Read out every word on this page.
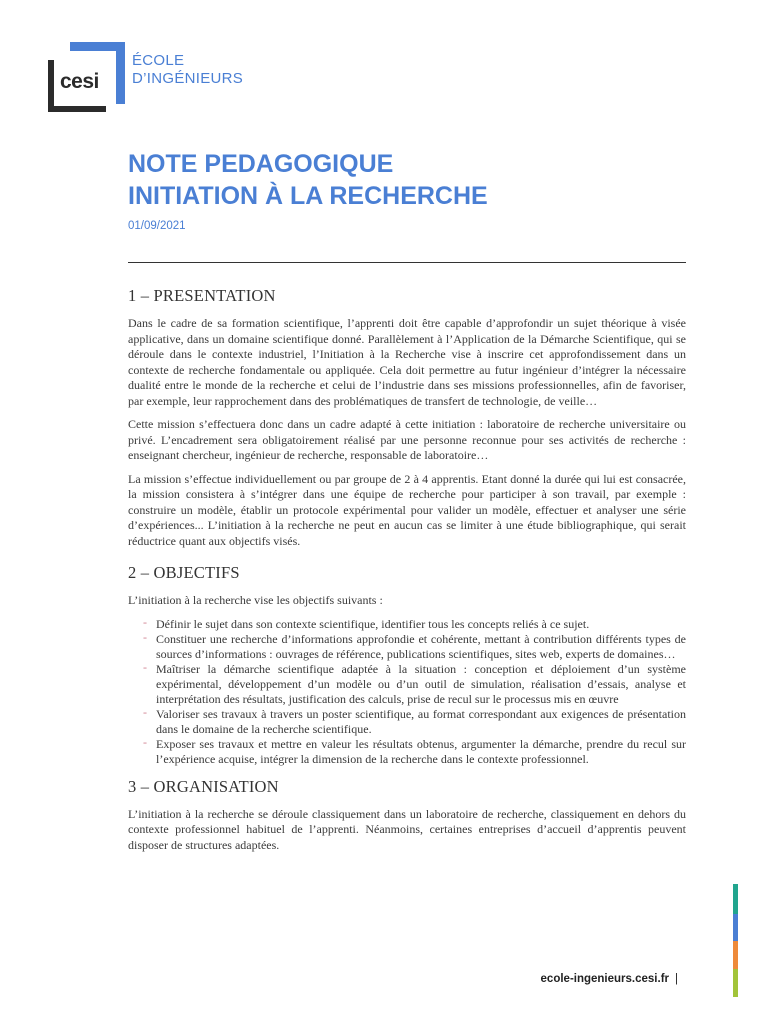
cesi
ÉCOLE
D’INGÉNIEURS
NOTE PEDAGOGIQUE
INITIATION À LA RECHERCHE
01/09/2021
1 – PRESENTATION

Dans le cadre de sa formation scientifique, l’apprenti doit être capable d’approfondir un sujet théorique à visée applicative, dans un domaine scientifique donné. Parallèlement à l’Application de la Démarche Scientifique, qui se déroule dans le contexte industriel, l’Initiation à la Recherche vise à inscrire cet approfondissement dans un contexte de recherche fondamentale ou appliquée. Cela doit permettre au futur ingénieur d’intégrer la nécessaire dualité entre le monde de la recherche et celui de l’industrie dans ses missions professionnelles, afin de favoriser, par exemple, leur rapprochement dans des problématiques de transfert de technologie, de veille…

Cette mission s’effectuera donc dans un cadre adapté à cette initiation : laboratoire de recherche universitaire ou privé. L’encadrement sera obligatoirement réalisé par une personne reconnue pour ses activités de recherche : enseignant chercheur, ingénieur de recherche, responsable de laboratoire…

La mission s’effectue individuellement ou par groupe de 2 à 4 apprentis. Etant donné la durée qui lui est consacrée, la mission consistera à s’intégrer dans une équipe de recherche pour participer à son travail, par exemple : construire un modèle, établir un protocole expérimental pour valider un modèle, effectuer et analyser une série d’expériences... L’initiation à la recherche ne peut en aucun cas se limiter à une étude bibliographique, qui serait réductrice quant aux objectifs visés.

2 – OBJECTIFS

L’initiation à la recherche vise les objectifs suivants :

- Définir le sujet dans son contexte scientifique, identifier tous les concepts reliés à ce sujet.
- Constituer une recherche d’informations approfondie et cohérente, mettant à contribution différents types de sources d’informations : ouvrages de référence, publications scientifiques, sites web, experts de domaines…
- Maîtriser la démarche scientifique adaptée à la situation : conception et déploiement d’un système expérimental, développement d’un modèle ou d’un outil de simulation, réalisation d’essais, analyse et interprétation des résultats, justification des calculs, prise de recul sur le processus mis en œuvre
- Valoriser ses travaux à travers un poster scientifique, au format correspondant aux exigences de présentation dans le domaine de la recherche scientifique.
- Exposer ses travaux et mettre en valeur les résultats obtenus, argumenter la démarche, prendre du recul sur l’expérience acquise, intégrer la dimension de la recherche dans le contexte professionnel.
3 – ORGANISATION

L’initiation à la recherche se déroule classiquement dans un laboratoire de recherche, classiquement en dehors du contexte professionnel habituel de l’apprenti. Néanmoins, certaines entreprises d’accueil d’apprentis peuvent disposer de structures adaptées.

ecole-ingenieurs.cesi.fr |
